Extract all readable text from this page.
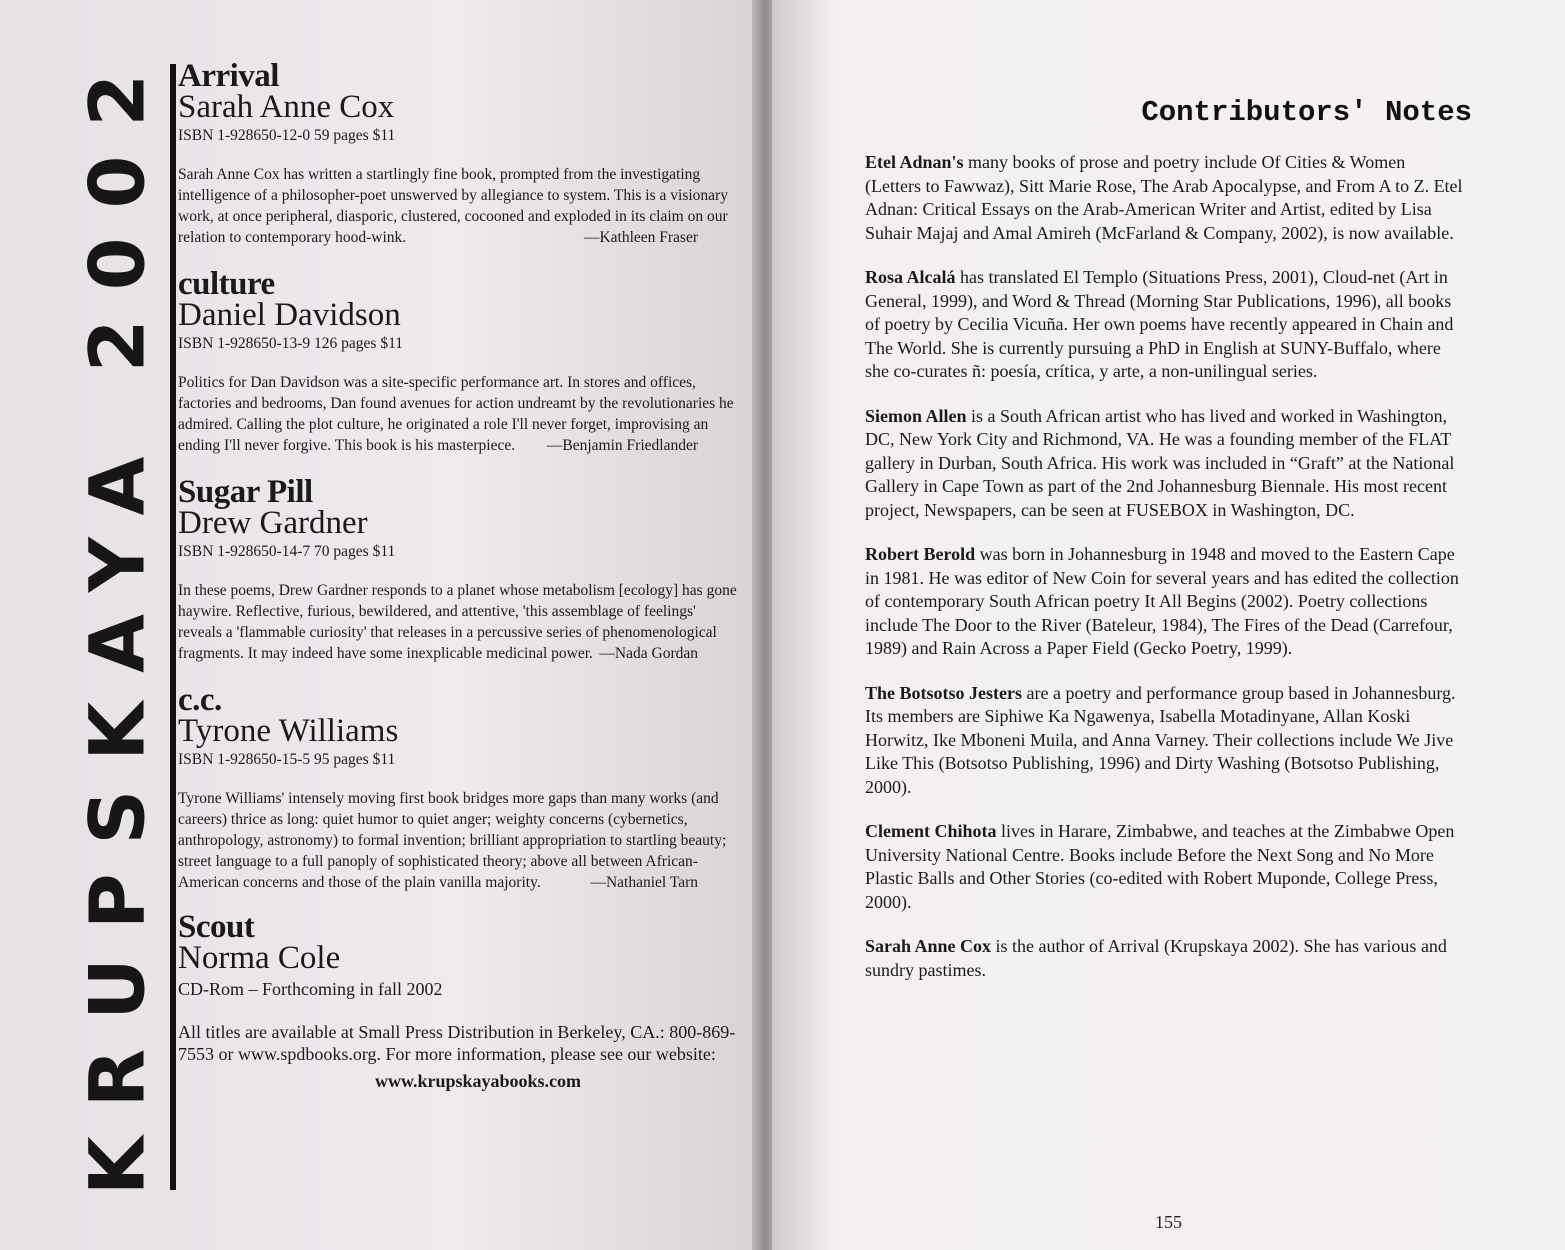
KRUPSKAYA 2002 Arrival

Sarah Anne Cox

ISBN 1-928650-12-0 59 pages $11

Sarah Anne Cox has written a startlingly fine book, prompted from the investigating intelligence of a philosopher-poet unswerved by allegiance to system. This is a visionary work, at once peripheral, diasporic, clustered, cocooned and exploded in its claim on our relation to contemporary hood-wink.	—Kathleen Fraser

culture

Daniel Davidson

ISBN 1-928650-13-9 126 pages $11

Politics for Dan Davidson was a site-specific performance art. In stores and offices, factories and bedrooms, Dan found avenues for action undreamt by the revolutionaries he admired. Calling the plot culture, he originated a role I'll never forget, improvising an ending I'll never forgive. This book is his masterpiece. —Benjamin Friedlander

Sugar Pill

Drew Gardner

ISBN 1-928650-14-7 70 pages $11

In these poems, Drew Gardner responds to a planet whose metabolism [ecology] has gone haywire. Reflective, furious, bewildered, and attentive, 'this assemblage of feelings' reveals a 'flammable curiosity' that releases in a percussive series of phenomenological fragments. It may indeed have some inexplicable medicinal power. —Nada Gordan

c.c.

Tyrone Williams

ISBN 1-928650-15-5 95 pages $11

Tyrone Williams' intensely moving first book bridges more gaps than many works (and careers) thrice as long: quiet humor to quiet anger; weighty concerns (cybernetics, anthropology, astronomy) to formal invention; brilliant appropriation to startling beauty; street language to a full panoply of sophisticated theory; above all between African-American concerns and those of the plain vanilla majority.	—Nathaniel Tarn

Scout

Norma Cole

CD-Rom – Forthcoming in fall 2002

All titles are available at Small Press Distribution in Berkeley, CA.: 800-869-7553 or www.spdbooks.org. For more information, please see our website:

www.krupskayabooks.com

Contributors' Notes

Etel Adnan's many books of prose and poetry include Of Cities & Women (Letters to Fawwaz), Sitt Marie Rose, The Arab Apocalypse, and From A to Z. Etel Adnan: Critical Essays on the Arab-American Writer and Artist, edited by Lisa Suhair Majaj and Amal Amireh (McFarland & Company, 2002), is now available.

Rosa Alcalá has translated El Templo (Situations Press, 2001), Cloud-net (Art in General, 1999), and Word & Thread (Morning Star Publications, 1996), all books of poetry by Cecilia Vicuña. Her own poems have recently appeared in Chain and The World. She is currently pursuing a PhD in English at SUNY-Buffalo, where she co-curates ñ: poesía, crítica, y arte, a non-unilingual series.

Siemon Allen is a South African artist who has lived and worked in Washington, DC, New York City and Richmond, VA. He was a founding member of the FLAT gallery in Durban, South Africa. His work was included in “Graft” at the National Gallery in Cape Town as part of the 2nd Johannesburg Biennale. His most recent project, Newspapers, can be seen at FUSEBOX in Washington, DC.

Robert Berold was born in Johannesburg in 1948 and moved to the Eastern Cape in 1981. He was editor of New Coin for several years and has edited the collection of contemporary South African poetry It All Begins (2002). Poetry collections include The Door to the River (Bateleur, 1984), The Fires of the Dead (Carrefour, 1989) and Rain Across a Paper Field (Gecko Poetry, 1999).

The Botsotso Jesters are a poetry and performance group based in Johannesburg. Its members are Siphiwe Ka Ngawenya, Isabella Motadinyane, Allan Koski Horwitz, Ike Mboneni Muila, and Anna Varney. Their collections include We Jive Like This (Botsotso Publishing, 1996) and Dirty Washing (Botsotso Publishing, 2000).

Clement Chihota lives in Harare, Zimbabwe, and teaches at the Zimbabwe Open University National Centre. Books include Before the Next Song and No More Plastic Balls and Other Stories (co-edited with Robert Muponde, College Press, 2000).

Sarah Anne Cox is the author of Arrival (Krupskaya 2002). She has various and sundry pastimes.

155
